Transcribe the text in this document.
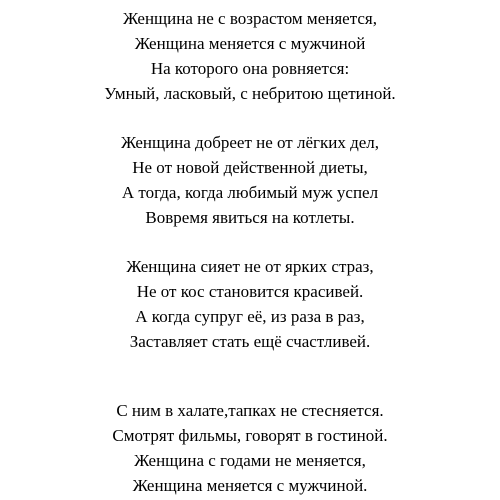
Женщина не с возрастом меняется,
Женщина меняется с мужчиной
На которого она ровняется:
Умный, ласковый, с небритою щетиной.
Женщина добреет не от лёгких дел,
Не от новой действенной диеты,
А тогда, когда любимый муж успел
Вовремя явиться на котлеты.
Женщина сияет не от ярких страз,
Не от кос становится красивей.
А когда супруг её, из раза в раз,
Заставляет стать ещё счастливей.
С ним в халате,тапках не стесняется.
Смотрят фильмы, говорят в гостиной.
Женщина с годами не меняется,
Женщина меняется с мужчиной.
